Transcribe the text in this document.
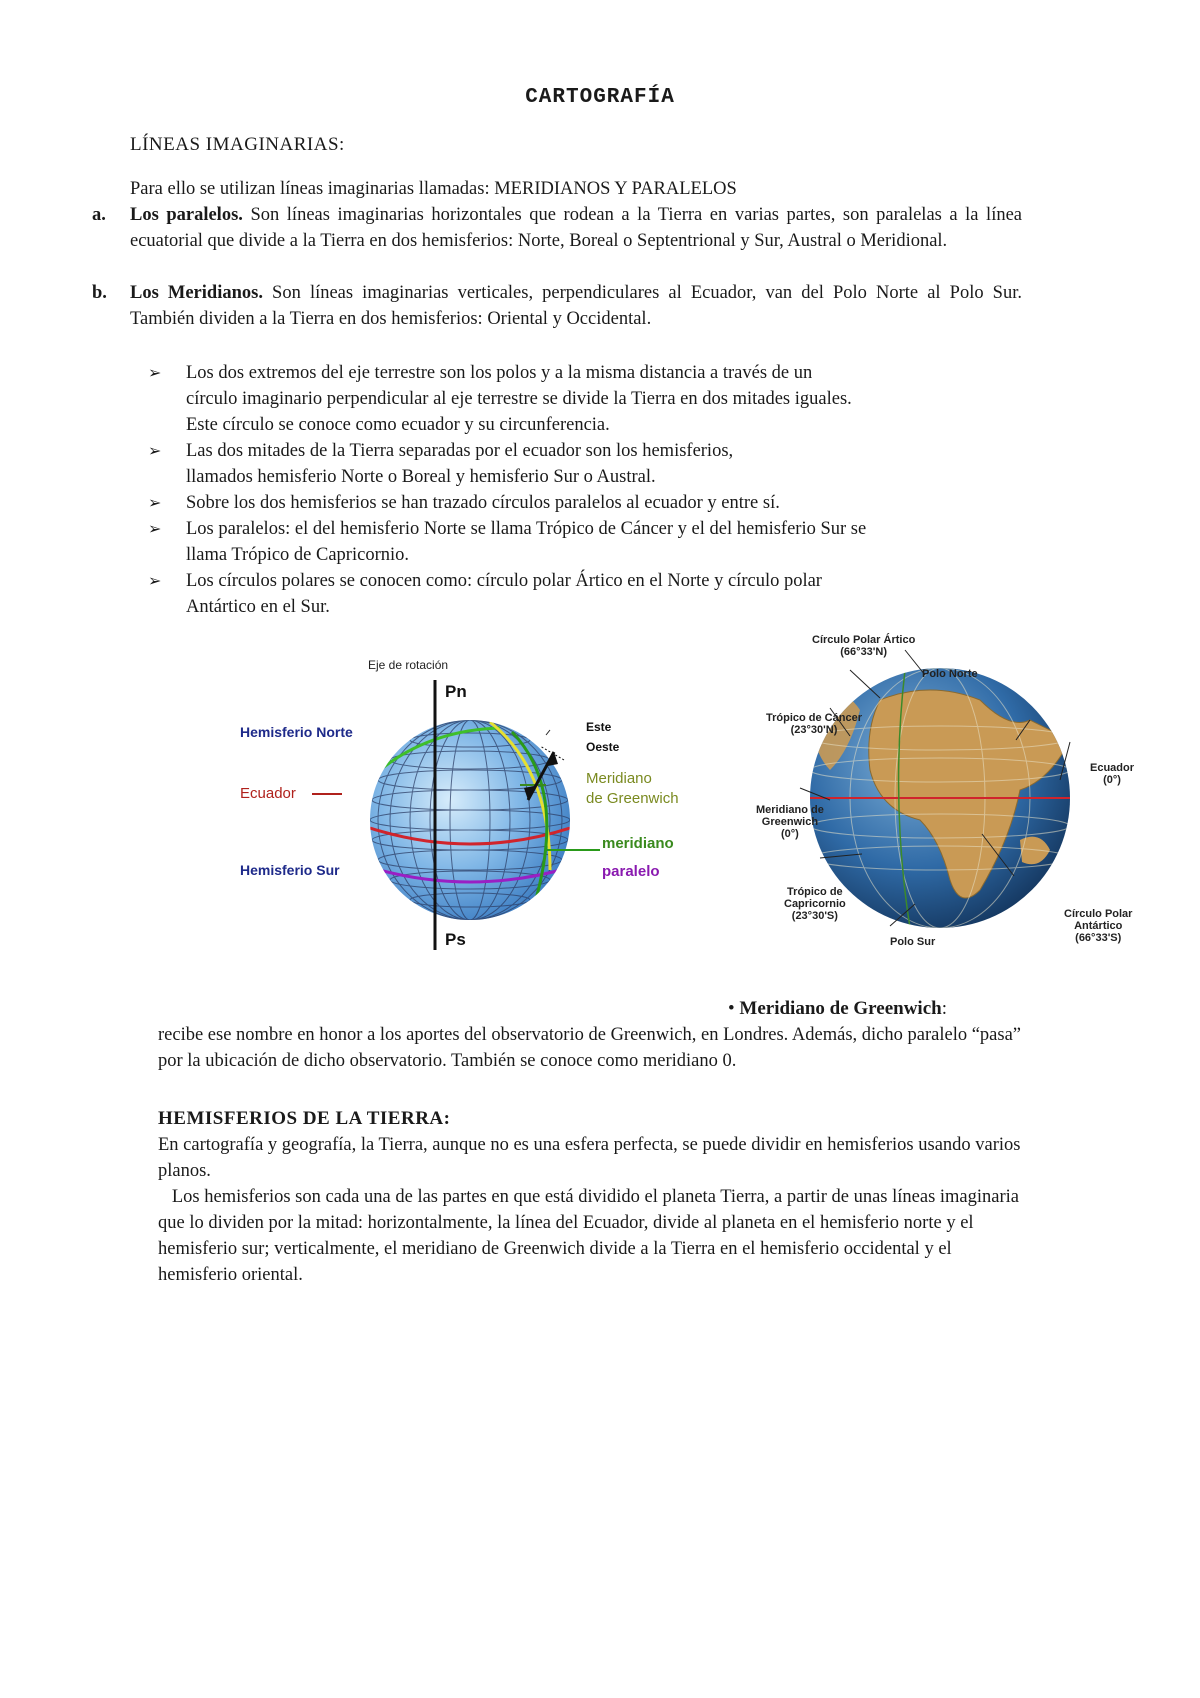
CARTOGRAFÍA
LÍNEAS IMAGINARIAS:

Para ello se utilizan líneas imaginarias llamadas: MERIDIANOS Y PARALELOS

a. Los paralelos. Son líneas imaginarias horizontales que rodean a la Tierra en varias partes, son paralelas a la línea ecuatorial que divide a la Tierra en dos hemisferios: Norte, Boreal o Septentrional y Sur, Austral o Meridional.
b. Los Meridianos. Son líneas imaginarias verticales, perpendiculares al Ecuador, van del Polo Norte al Polo Sur. También dividen a la Tierra en dos hemisferios: Oriental y Occidental.
➢ Los dos extremos del eje terrestre son los polos y a la misma distancia a través de un
círculo imaginario perpendicular al eje terrestre se divide la Tierra en dos mitades iguales.
Este círculo se conoce como ecuador y su circunferencia.
➢ Las dos mitades de la Tierra separadas por el ecuador son los hemisferios,
llamados hemisferio Norte o Boreal y hemisferio Sur o Austral.
➢ Sobre los dos hemisferios se han trazado círculos paralelos al ecuador y entre sí.
➢ Los paralelos: el del hemisferio Norte se llama Trópico de Cáncer y el del hemisferio Sur se
llama Trópico de Capricornio.
➢ Los círculos polares se conocen como: círculo polar Ártico en el Norte y círculo polar
Antártico en el Sur.
Eje de rotación
Pn
Ps
Hemisferio Norte
Ecuador
Hemisferio Sur
Este
Oeste
Meridiano
de Greenwich
meridiano
paralelo
Círculo Polar Ártico
(66°33'N)
Polo Norte
Trópico de Cáncer
(23°30'N)
Ecuador
(0°)
Meridiano de
Greenwich
(0°)
Trópico de
Capricornio
(23°30'S)
Polo Sur
Círculo Polar
Antártico
(66°33'S)
• Meridiano de Greenwich:

recibe ese nombre en honor a los aportes del observatorio de Greenwich, en Londres. Además, dicho paralelo “pasa” por la ubicación de dicho observatorio. También se conoce como meridiano 0.

HEMISFERIOS DE LA TIERRA:
En cartografía y geografía, la Tierra, aunque no es una esfera perfecta, se puede dividir en hemisferios usando varios planos.
Los hemisferios son cada una de las partes en que está dividido el planeta Tierra, a partir de unas líneas imaginaria que lo dividen por la mitad: horizontalmente, la línea del Ecuador, divide al planeta en el hemisferio norte y el hemisferio sur; verticalmente, el meridiano de Greenwich divide a la Tierra en el hemisferio occidental y el hemisferio oriental.
